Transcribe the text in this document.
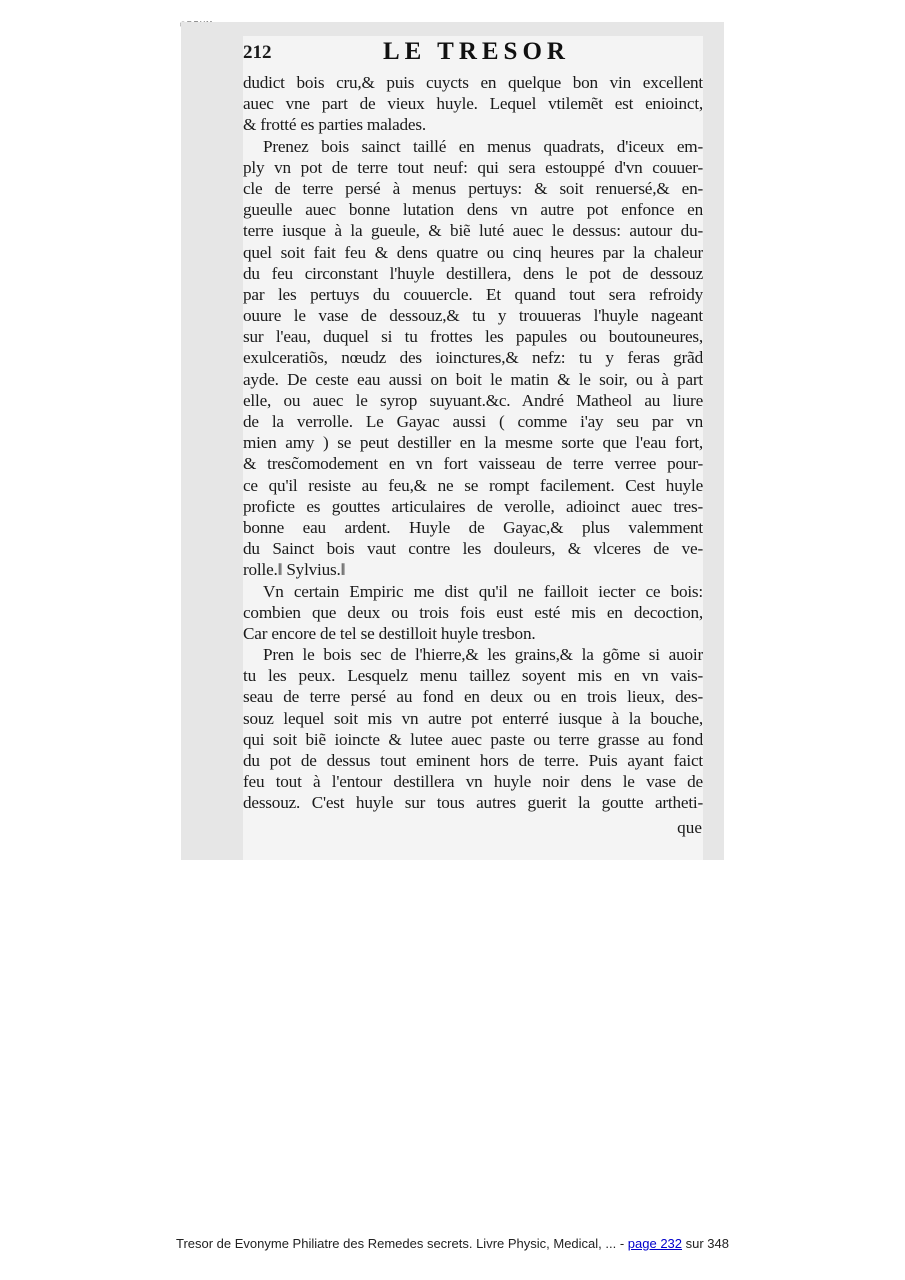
212	LE TRESOR
dudict bois cru,& puis cuycts en quelque bon vin excellent
auec vne part de vieux huyle. Lequel vtilemẽt est enioinct,
& frotté es parties malades.
Prenez bois sainct taillé en menus quadrats, d'iceux em-
ply vn pot de terre tout neuf: qui sera estouppé d'vn couuer-
cle de terre persé à menus pertuys: & soit renuersé,& en-
gueulle auec bonne lutation dens vn autre pot enfonce en
terre iusque à la gueule, & biẽ luté auec le dessus: autour du-
quel soit fait feu & dens quatre ou cinq heures par la chaleur
du feu circonstant l'huyle destillera, dens le pot de dessouz
par les pertuys du couuercle. Et quand tout sera refroidy
ouure le vase de dessouz,& tu y trouueras l'huyle nageant
sur l'eau, duquel si tu frottes les papules ou boutouneures,
exulceratiõs, nœudz des ioinctures,& nefz: tu y feras grãd
ayde. De ceste eau aussi on boit le matin & le soir, ou à part
elle, ou auec le syrop suyuant.&c. André Matheol au liure
de la verrolle. Le Gayac aussi ( comme i'ay seu par vn
mien amy ) se peut destiller en la mesme sorte que l'eau fort,
& tresc̃omodement en vn fort vaisseau de terre verree pour-
ce qu'il resiste au feu,& ne se rompt facilement. Cest huyle
proficte es gouttes articulaires de verolle, adioinct auec tres-
bonne eau ardent. Huyle de Gayac,& plus valemment
du Sainct bois vaut contre les douleurs, & vlceres de ve-
rolle.‖ Sylvius.‖
Vn certain Empiric me dist qu'il ne failloit iecter ce bois:
combien que deux ou trois fois eust esté mis en decoction,
Car encore de tel se destilloit huyle tresbon.
Pren le bois sec de l'hierre,& les grains,& la gõme si auoir
tu les peux. Lesquelz menu taillez soyent mis en vn vais-
seau de terre persé au fond en deux ou en trois lieux, des-
souz lequel soit mis vn autre pot enterré iusque à la bouche,
qui soit biẽ ioincte & lutee auec paste ou terre grasse au fond
du pot de dessus tout eminent hors de terre. Puis ayant faict
feu tout à l'entour destillera vn huyle noir dens le vase de
dessouz. C'est huyle sur tous autres guerit la goutte artheti-
que
Tresor de Evonyme Philiatre des Remedes secrets. Livre Physic, Medical, ... - page 232 sur 348
